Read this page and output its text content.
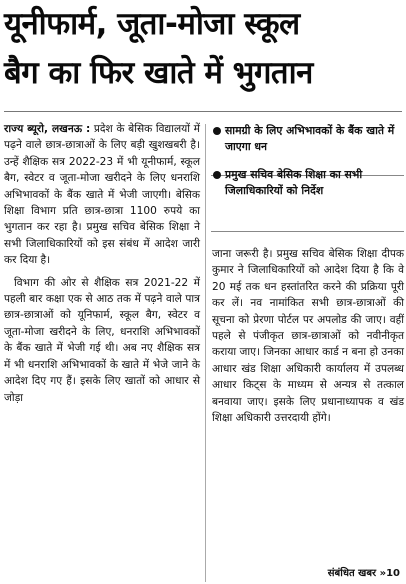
यूनीफार्म, जूता-मोजा स्कूल
बैग का फिर खाते में भुगतान

राज्य ब्यूरो, लखनऊ : प्रदेश के बेसिक विद्यालयों में पढ़ने वाले छात्र-छात्राओं के लिए बड़ी खुशखबरी है। उन्हें शैक्षिक सत्र 2022-23 में भी यूनीफार्म, स्कूल बैग, स्वेटर व जूता-मोजा खरीदने के लिए धनराशि अभिभावकों के बैंक खाते में भेजी जाएगी। बेसिक शिक्षा विभाग प्रति छात्र-छात्रा 1100 रुपये का भुगतान कर रहा है। प्रमुख सचिव बेसिक शिक्षा ने सभी जिलाधिकारियों को इस संबंध में आदेश जारी कर दिया है।

विभाग की ओर से शैक्षिक सत्र 2021-22 में पहली बार कक्षा एक से आठ तक में पढ़ने वाले पात्र छात्र-छात्राओं को यूनिफार्म, स्कूल बैग, स्वेटर व जूता-मोजा खरीदने के लिए, धनराशि अभिभावकों के बैंक खाते में भेजी गई थी। अब नए शैक्षिक सत्र में भी धनराशि अभिभावकों के खाते में भेजे जाने के आदेश दिए गए हैं। इसके लिए खातों को आधार से जोड़ा

सामग्री के लिए अभिभावकों के बैंक खाते में जाएगा धन
प्रमुख सचिव बेसिक शिक्षा का सभी जिलाधिकारियों को निर्देश

जाना जरूरी है। प्रमुख सचिव बेसिक शिक्षा दीपक कुमार ने जिलाधिकारियों को आदेश दिया है कि वे 20 मई तक धन हस्तांतरित करने की प्रक्रिया पूरी कर लें। नव नामांकित सभी छात्र-छात्राओं की सूचना को प्रेरणा पोर्टल पर अपलोड की जाए। वहीं पहले से पंजीकृत छात्र-छात्राओं को नवीनीकृत कराया जाए। जिनका आधार कार्ड न बना हो उनका आधार खंड शिक्षा अधिकारी कार्यालय में उपलब्ध आधार किट्स के माध्यम से अन्यत्र से तत्काल बनवाया जाए। इसके लिए प्रधानाध्यापक व खंड शिक्षा अधिकारी उत्तरदायी होंगे।

संबंधित खबर »10
